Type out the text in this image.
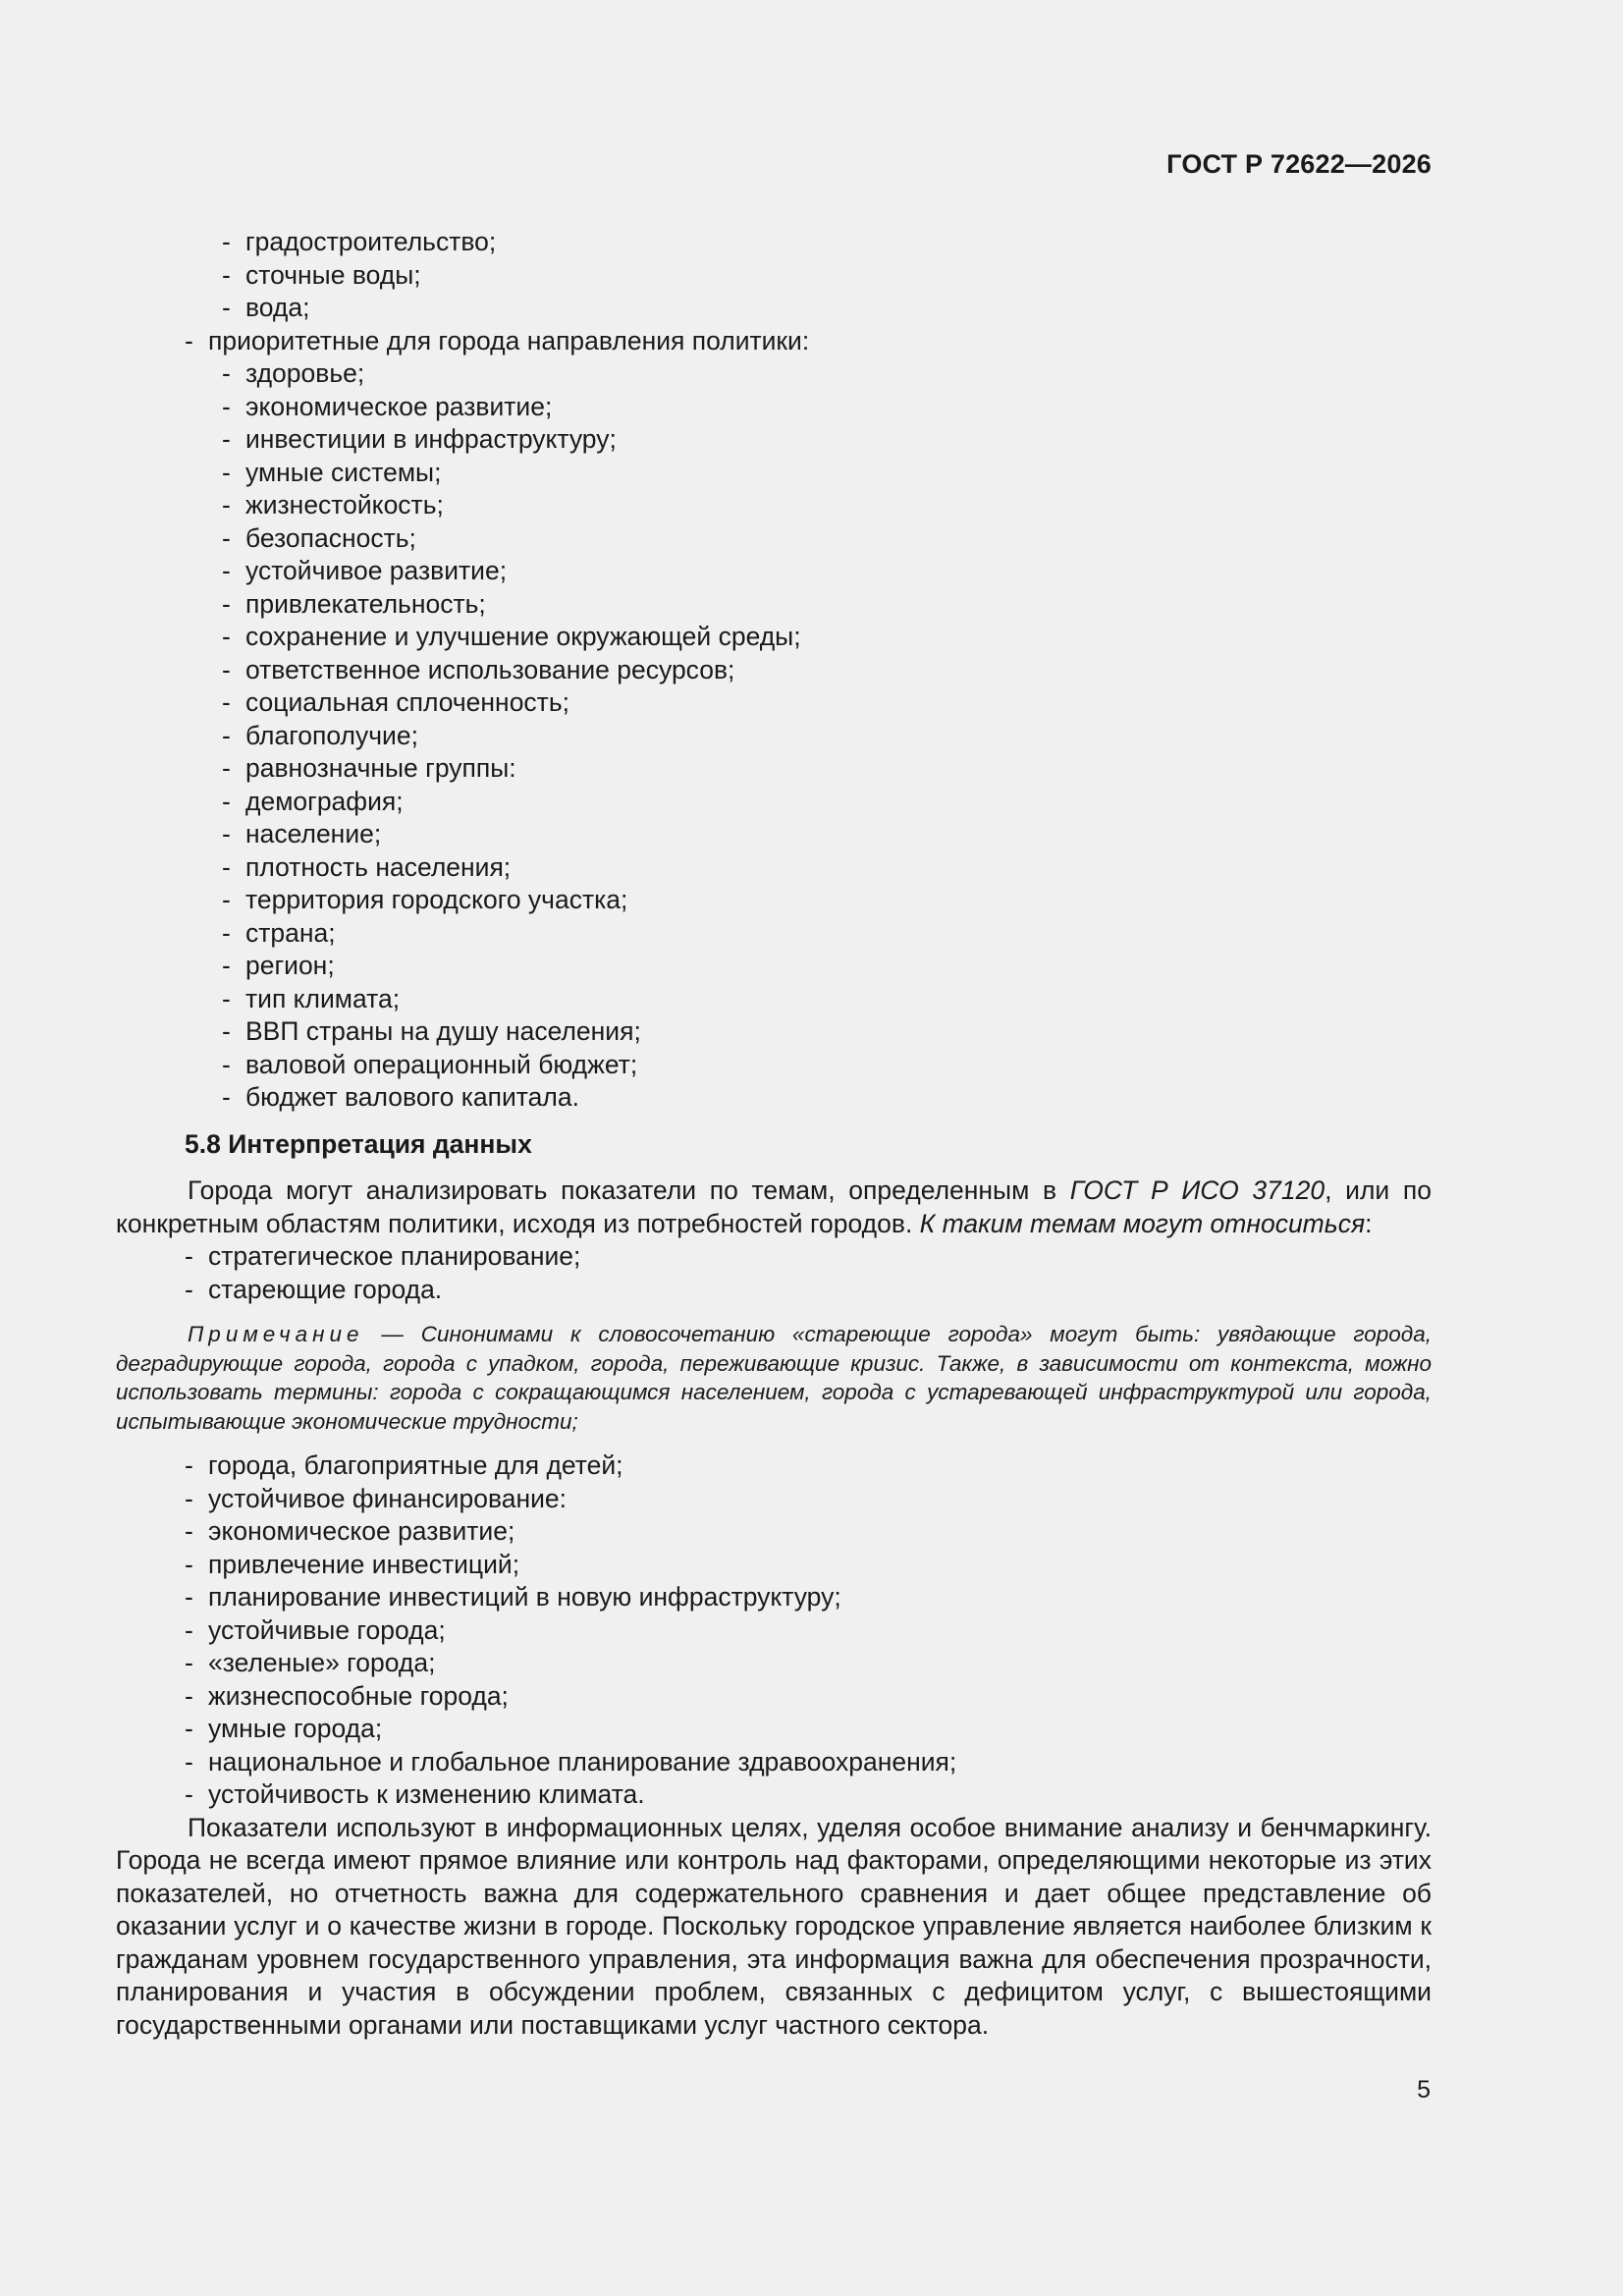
ГОСТ Р 72622—2026
- градостроительство;
- сточные воды;
- вода;
- приоритетные для города направления политики:
- здоровье;
- экономическое развитие;
- инвестиции в инфраструктуру;
- умные системы;
- жизнестойкость;
- безопасность;
- устойчивое развитие;
- привлекательность;
- сохранение и улучшение окружающей среды;
- ответственное использование ресурсов;
- социальная сплоченность;
- благополучие;
- равнозначные группы:
- демография;
- население;
- плотность населения;
- территория городского участка;
- страна;
- регион;
- тип климата;
- ВВП страны на душу населения;
- валовой операционный бюджет;
- бюджет валового капитала.
5.8 Интерпретация данных
Города могут анализировать показатели по темам, определенным в ГОСТ Р ИСО 37120, или по конкретным областям политики, исходя из потребностей городов. К таким темам могут относиться:
- стратегическое планирование;
- стареющие города.
Примечание — Синонимами к словосочетанию «стареющие города» могут быть: увядающие города, деградирующие города, города с упадком, города, переживающие кризис. Также, в зависимости от контекста, можно использовать термины: города с сокращающимся населением, города с устаревающей инфраструктурой или города, испытывающие экономические трудности;
- города, благоприятные для детей;
- устойчивое финансирование:
- экономическое развитие;
- привлечение инвестиций;
- планирование инвестиций в новую инфраструктуру;
- устойчивые города;
- «зеленые» города;
- жизнеспособные города;
- умные города;
- национальное и глобальное планирование здравоохранения;
- устойчивость к изменению климата.
Показатели используют в информационных целях, уделяя особое внимание анализу и бенчмаркингу. Города не всегда имеют прямое влияние или контроль над факторами, определяющими некоторые из этих показателей, но отчетность важна для содержательного сравнения и дает общее представление об оказании услуг и о качестве жизни в городе. Поскольку городское управление является наиболее близким к гражданам уровнем государственного управления, эта информация важна для обеспечения прозрачности, планирования и участия в обсуждении проблем, связанных с дефицитом услуг, с вышестоящими государственными органами или поставщиками услуг частного сектора.
5
